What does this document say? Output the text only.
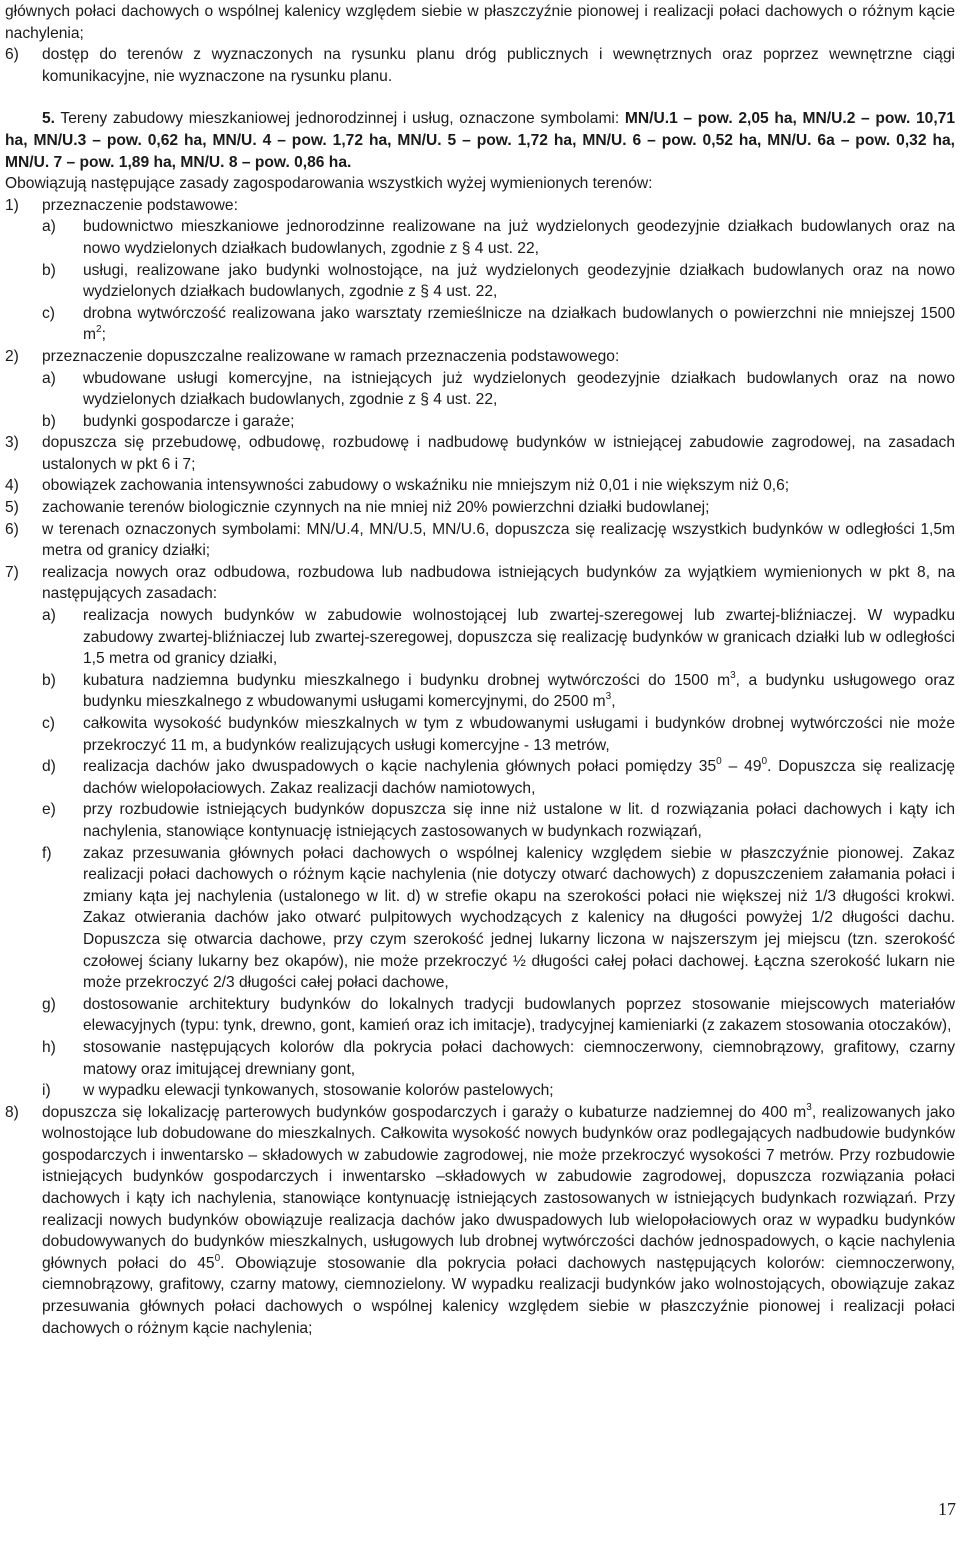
głównych połaci dachowych o wspólnej kalenicy względem siebie w płaszczyźnie pionowej i realizacji połaci dachowych o różnym kącie nachylenia;
6) dostęp do terenów z wyznaczonych na rysunku planu dróg publicznych i wewnętrznych oraz poprzez wewnętrzne ciągi komunikacyjne, nie wyznaczone na rysunku planu.
5. Tereny zabudowy mieszkaniowej jednorodzinnej i usług, oznaczone symbolami: MN/U.1 – pow. 2,05 ha, MN/U.2 – pow. 10,71 ha, MN/U.3 – pow. 0,62 ha, MN/U. 4 – pow. 1,72 ha, MN/U. 5 – pow. 1,72 ha, MN/U. 6 – pow. 0,52 ha, MN/U. 6a – pow. 0,32 ha, MN/U. 7 – pow. 1,89 ha, MN/U. 8 – pow. 0,86 ha.
Obowiązują następujące zasady zagospodarowania wszystkich wyżej wymienionych terenów:
1) przeznaczenie podstawowe:
a) budownictwo mieszkaniowe jednorodzinne realizowane na już wydzielonych geodezyjnie działkach budowlanych oraz na nowo wydzielonych działkach budowlanych, zgodnie z § 4 ust. 22,
b) usługi, realizowane jako budynki wolnostojące, na już wydzielonych geodezyjnie działkach budowlanych oraz na nowo wydzielonych działkach budowlanych, zgodnie z § 4 ust. 22,
c) drobna wytwórczość realizowana jako warsztaty rzemieślnicze na działkach budowlanych o powierzchni nie mniejszej 1500 $m^2$;
2) przeznaczenie dopuszczalne realizowane w ramach przeznaczenia podstawowego:
a) wbudowane usługi komercyjne, na istniejących już wydzielonych geodezyjnie działkach budowlanych oraz na nowo wydzielonych działkach budowlanych, zgodnie z § 4 ust. 22,
b) budynki gospodarcze i garaże;
3) dopuszcza się przebudowę, odbudowę, rozbudowę i nadbudowę budynków w istniejącej zabudowie zagrodowej, na zasadach ustalonych w pkt 6 i 7;
4) obowiązek zachowania intensywności zabudowy o wskaźniku nie mniejszym niż 0,01 i nie większym niż 0,6;
5) zachowanie terenów biologicznie czynnych na nie mniej niż 20% powierzchni działki budowlanej;
6) w terenach oznaczonych symbolami: MN/U.4, MN/U.5, MN/U.6, dopuszcza się realizację wszystkich budynków w odległości 1,5m metra od granicy działki;
7) realizacja nowych oraz odbudowa, rozbudowa lub nadbudowa istniejących budynków za wyjątkiem wymienionych w pkt 8, na następujących zasadach:
a) realizacja nowych budynków w zabudowie wolnostojącej lub zwartej-szeregowej lub zwartej-bliźniaczej. W wypadku zabudowy zwartej-bliźniaczej lub zwartej-szeregowej, dopuszcza się realizację budynków w granicach działki lub w odległości 1,5 metra od granicy działki,
b) kubatura nadziemna budynku mieszkalnego i budynku drobnej wytwórczości do 1500 $m^3$, a budynku usługowego oraz budynku mieszkalnego z wbudowanymi usługami komercyjnymi, do 2500 $m^3$,
c) całkowita wysokość budynków mieszkalnych w tym z wbudowanymi usługami i budynków drobnej wytwórczości nie może przekroczyć 11 m, a budynków realizujących usługi komercyjne - 13 metrów,
d) realizacja dachów jako dwuspadowych o kącie nachylenia głównych połaci pomiędzy $35^0 - 49^0$. Dopuszcza się realizację dachów wielopołaciowych. Zakaz realizacji dachów namiotowych,
e) przy rozbudowie istniejących budynków dopuszcza się inne niż ustalone w lit. d rozwiązania połaci dachowych i kąty ich nachylenia, stanowiące kontynuację istniejących zastosowanych w budynkach rozwiązań,
f) zakaz przesuwania głównych połaci dachowych o wspólnej kalenicy względem siebie w płaszczyźnie pionowej. Zakaz realizacji połaci dachowych o różnym kącie nachylenia (nie dotyczy otwarć dachowych) z dopuszczeniem załamania połaci i zmiany kąta jej nachylenia (ustalonego w lit. d) w strefie okapu na szerokości połaci nie większej niż 1/3 długości krokwi. Zakaz otwierania dachów jako otwarć pulpitowych wychodzących z kalenicy na długości powyżej 1/2 długości dachu. Dopuszcza się otwarcia dachowe, przy czym szerokość jednej lukarny liczona w najszerszym jej miejscu (tzn. szerokość czołowej ściany lukarny bez okapów), nie może przekroczyć ½ długości całej połaci dachowej. Łączna szerokość lukarn nie może przekroczyć 2/3 długości całej połaci dachowe,
g) dostosowanie architektury budynków do lokalnych tradycji budowlanych poprzez stosowanie miejscowych materiałów elewacyjnych (typu: tynk, drewno, gont, kamień oraz ich imitacje), tradycyjnej kamieniarki (z zakazem stosowania otoczaków),
h) stosowanie następujących kolorów dla pokrycia połaci dachowych: ciemnoczerwony, ciemnobrązowy, grafitowy, czarny matowy oraz imitującej drewniany gont,
i) w wypadku elewacji tynkowanych, stosowanie kolorów pastelowych;
8) dopuszcza się lokalizację parterowych budynków gospodarczych i garaży o kubaturze nadziemnej do 400 $m^3$, realizowanych jako wolnostojące lub dobudowane do mieszkalnych. Całkowita wysokość nowych budynków oraz podlegających nadbudowie budynków gospodarczych i inwentarsko – składowych w zabudowie zagrodowej, nie może przekroczyć wysokości 7 metrów. Przy rozbudowie istniejących budynków gospodarczych i inwentarsko –składowych w zabudowie zagrodowej, dopuszcza rozwiązania połaci dachowych i kąty ich nachylenia, stanowiące kontynuację istniejących zastosowanych w istniejących budynkach rozwiązań. Przy realizacji nowych budynków obowiązuje realizacja dachów jako dwuspadowych lub wielopołaciowych oraz w wypadku budynków dobudowywanych do budynków mieszkalnych, usługowych lub drobnej wytwórczości dachów jednospadowych, o kącie nachylenia głównych połaci do $45^0$. Obowiązuje stosowanie dla pokrycia połaci dachowych następujących kolorów: ciemnoczerwony, ciemnobrązowy, grafitowy, czarny matowy, ciemnozielony. W wypadku realizacji budynków jako wolnostojących, obowiązuje zakaz przesuwania głównych połaci dachowych o wspólnej kalenicy względem siebie w płaszczyźnie pionowej i realizacji połaci dachowych o różnym kącie nachylenia;
17
